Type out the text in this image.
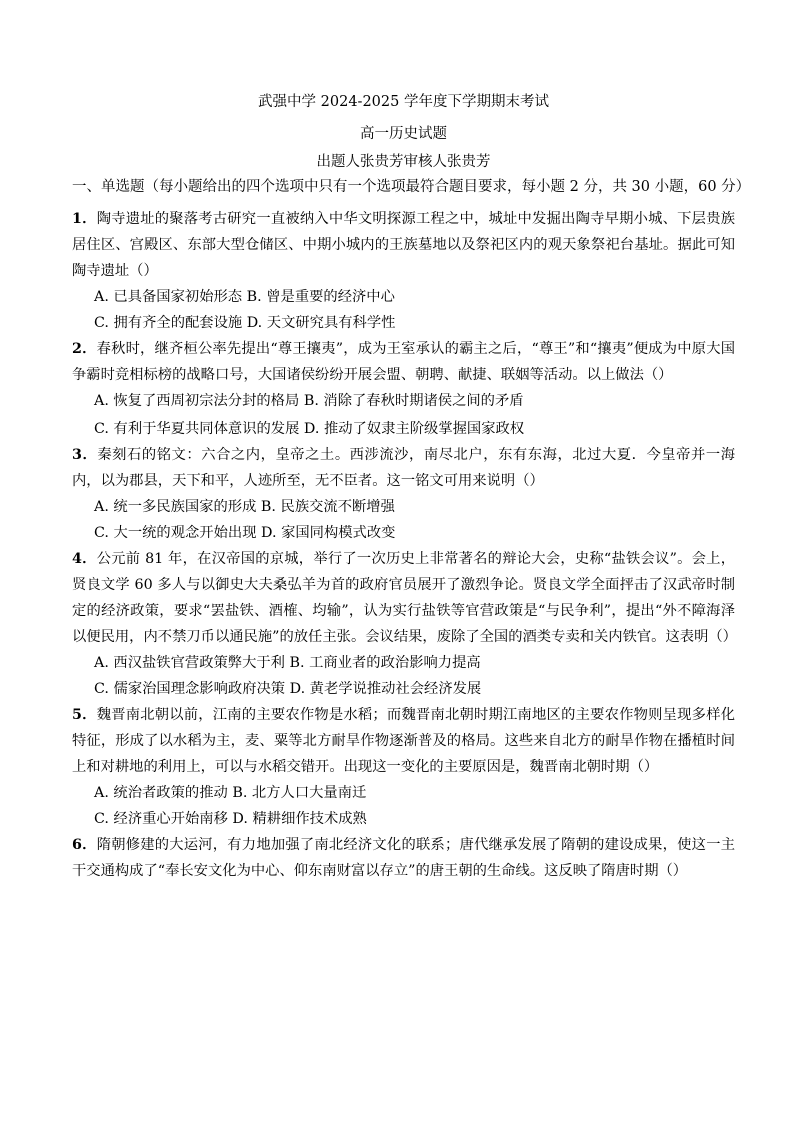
武强中学 2024-2025 学年度下学期期末考试
高一历史试题
出题人张贵芳审核人张贵芳
一、单选题（每小题给出的四个选项中只有一个选项最符合题目要求，每小题 2 分，共 30 小题，60 分）

1．陶寺遗址的聚落考古研究一直被纳入中华文明探源工程之中，城址中发掘出陶寺早期小城、下层贵族居住区、宫殿区、东部大型仓储区、中期小城内的王族墓地以及祭祀区内的观天象祭祀台基址。据此可知陶寺遗址（）

A. 已具备国家初始形态 B. 曾是重要的经济中心
C. 拥有齐全的配套设施 D. 天文研究具有科学性

2．春秋时，继齐桓公率先提出“尊王攘夷”，成为王室承认的霸主之后，“尊王”和“攘夷”便成为中原大国争霸时竞相标榜的战略口号，大国诸侯纷纷开展会盟、朝聘、献捷、联姻等活动。以上做法（）

A. 恢复了西周初宗法分封的格局 B. 消除了春秋时期诸侯之间的矛盾
C. 有利于华夏共同体意识的发展 D. 推动了奴隶主阶级掌握国家政权

3．秦刻石的铭文：六合之内，皇帝之土。西涉流沙，南尽北户，东有东海，北过大夏．今皇帝并一海内，以为郡县，天下和平，人迹所至，无不臣者。这一铭文可用来说明（）

A. 统一多民族国家的形成 B. 民族交流不断增强
C. 大一统的观念开始出现 D. 家国同构模式改变

4．公元前 81 年，在汉帝国的京城，举行了一次历史上非常著名的辩论大会，史称“盐铁会议”。会上，贤良文学 60 多人与以御史大夫桑弘羊为首的政府官员展开了激烈争论。贤良文学全面抨击了汉武帝时制定的经济政策，要求“罢盐铁、酒榷、均输”，认为实行盐铁等官营政策是“与民争利”，提出“外不障海泽以便民用，内不禁刀币以通民施”的放任主张。会议结果，废除了全国的酒类专卖和关内铁官。这表明（）

A. 西汉盐铁官营政策弊大于利 B. 工商业者的政治影响力提高
C. 儒家治国理念影响政府决策 D. 黄老学说推动社会经济发展

5．魏晋南北朝以前，江南的主要农作物是水稻；而魏晋南北朝时期江南地区的主要农作物则呈现多样化特征，形成了以水稻为主，麦、粟等北方耐旱作物逐渐普及的格局。这些来自北方的耐旱作物在播植时间上和对耕地的利用上，可以与水稻交错开。出现这一变化的主要原因是，魏晋南北朝时期（）

A. 统治者政策的推动 B. 北方人口大量南迁
C. 经济重心开始南移 D. 精耕细作技术成熟

6．隋朝修建的大运河，有力地加强了南北经济文化的联系；唐代继承发展了隋朝的建设成果，使这一主干交通构成了“奉长安文化为中心、仰东南财富以存立”的唐王朝的生命线。这反映了隋唐时期（）
